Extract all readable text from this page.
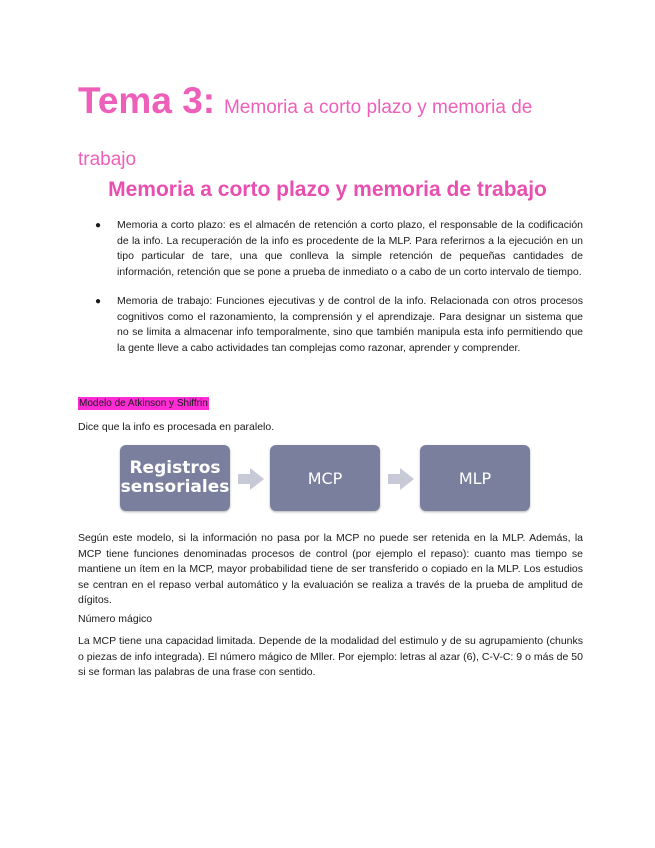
Tema 3: Memoria a corto plazo y memoria de trabajo
Memoria a corto plazo y memoria de trabajo
● Memoria a corto plazo: es el almacén de retención a corto plazo, el responsable de la codificación de la info. La recuperación de la info es procedente de la MLP. Para referirnos a la ejecución en un tipo particular de tare, una que conlleva la simple retención de pequeñas cantidades de información, retención que se pone a prueba de inmediato o a cabo de un corto intervalo de tiempo.
● Memoria de trabajo: Funciones ejecutivas y de control de la info. Relacionada con otros procesos cognitivos como el razonamiento, la comprensión y el aprendizaje. Para designar un sistema que no se limita a almacenar info temporalmente, sino que también manipula esta info permitiendo que la gente lleve a cabo actividades tan complejas como razonar, aprender y comprender.
Modelo de Atkinson y Shiffrin

Dice que la info es procesada en paralelo.

Registros sensoriales	MCP	MLP

Según este modelo, si la información no pasa por la MCP no puede ser retenida en la MLP. Además, la MCP tiene funciones denominadas procesos de control (por ejemplo el repaso): cuanto mas tiempo se mantiene un ítem en la MCP, mayor probabilidad tiene de ser transferido o copiado en la MLP. Los estudios se centran en el repaso verbal automático y la evaluación se realiza a través de la prueba de amplitud de dígitos.

Número mágico

La MCP tiene una capacidad limitada. Depende de la modalidad del estimulo y de su agrupamiento (chunks o piezas de info integrada). El número mágico de Mller. Por ejemplo: letras al azar (6), C-V-C: 9 o más de 50 si se forman las palabras de una frase con sentido.
